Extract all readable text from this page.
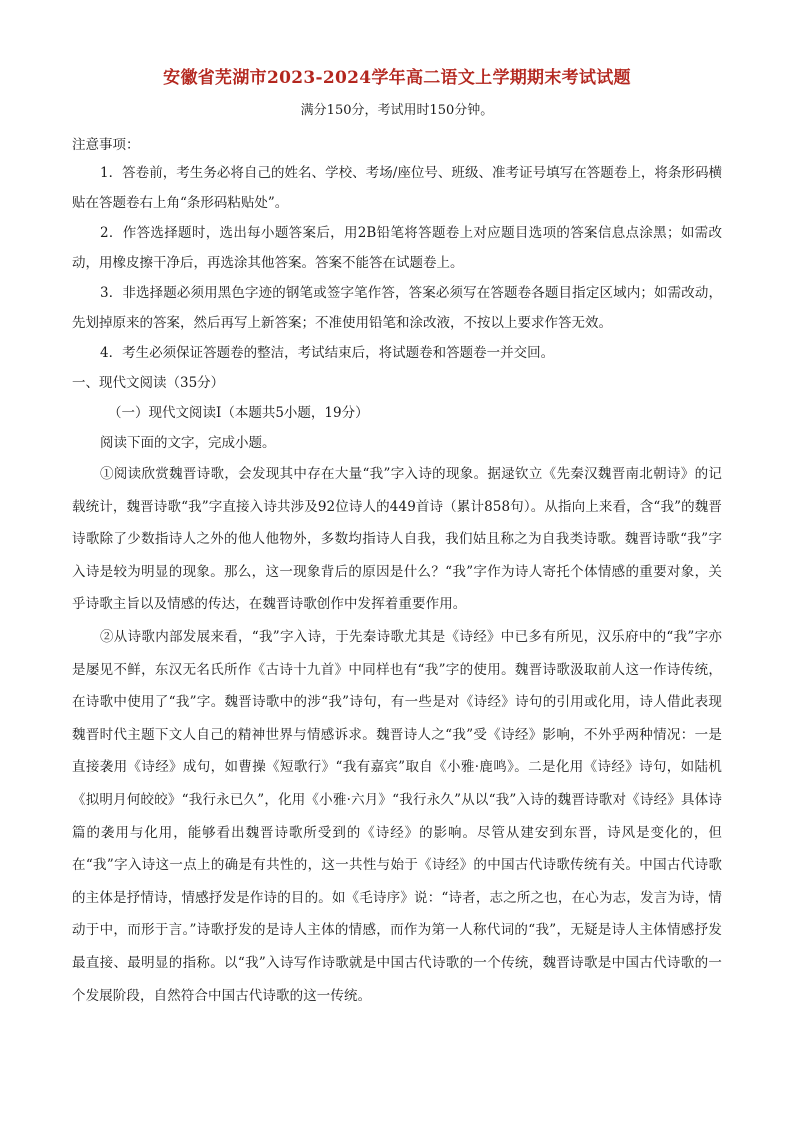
安徽省芜湖市2023-2024学年高二语文上学期期末考试试题

满分150分，考试用时150分钟。

注意事项：

1．答卷前，考生务必将自己的姓名、学校、考场/座位号、班级、准考证号填写在答题卷上，将条形码横贴在答题卷右上角“条形码粘贴处”。

2．作答选择题时，选出每小题答案后，用2B铅笔将答题卷上对应题目选项的答案信息点涂黑；如需改动，用橡皮擦干净后，再选涂其他答案。答案不能答在试题卷上。

3．非选择题必须用黑色字迹的钢笔或签字笔作答，答案必须写在答题卷各题目指定区域内；如需改动，先划掉原来的答案，然后再写上新答案；不准使用铅笔和涂改液，不按以上要求作答无效。

4．考生必须保证答题卷的整洁，考试结束后，将试题卷和答题卷一并交回。

一、现代文阅读（35分）

（一）现代文阅读Ⅰ（本题共5小题，19分）

阅读下面的文字，完成小题。

①阅读欣赏魏晋诗歌，会发现其中存在大量“我”字入诗的现象。据逯钦立《先秦汉魏晋南北朝诗》的记载统计，魏晋诗歌“我”字直接入诗共涉及92位诗人的449首诗（累计858句）。从指向上来看，含“我”的魏晋诗歌除了少数指诗人之外的他人他物外，多数均指诗人自我，我们姑且称之为自我类诗歌。魏晋诗歌“我”字入诗是较为明显的现象。那么，这一现象背后的原因是什么？“我”字作为诗人寄托个体情感的重要对象，关乎诗歌主旨以及情感的传达，在魏晋诗歌创作中发挥着重要作用。

②从诗歌内部发展来看，“我”字入诗，于先秦诗歌尤其是《诗经》中已多有所见，汉乐府中的“我”字亦是屡见不鲜，东汉无名氏所作《古诗十九首》中同样也有“我”字的使用。魏晋诗歌汲取前人这一作诗传统，在诗歌中使用了“我”字。魏晋诗歌中的涉“我”诗句，有一些是对《诗经》诗句的引用或化用，诗人借此表现魏晋时代主题下文人自己的精神世界与情感诉求。魏晋诗人之“我”受《诗经》影响，不外乎两种情况：一是直接袭用《诗经》成句，如曹操《短歌行》“我有嘉宾”取自《小雅·鹿鸣》。二是化用《诗经》诗句，如陆机《拟明月何皎皎》“我行永已久”，化用《小雅·六月》“我行永久”从以“我”入诗的魏晋诗歌对《诗经》具体诗篇的袭用与化用，能够看出魏晋诗歌所受到的《诗经》的影响。尽管从建安到东晋，诗风是变化的，但在“我”字入诗这一点上的确是有共性的，这一共性与始于《诗经》的中国古代诗歌传统有关。中国古代诗歌的主体是抒情诗，情感抒发是作诗的目的。如《毛诗序》说：“诗者，志之所之也，在心为志，发言为诗，情动于中，而形于言。”诗歌抒发的是诗人主体的情感，而作为第一人称代词的“我”，无疑是诗人主体情感抒发最直接、最明显的指称。以“我”入诗写作诗歌就是中国古代诗歌的一个传统，魏晋诗歌是中国古代诗歌的一个发展阶段，自然符合中国古代诗歌的这一传统。
